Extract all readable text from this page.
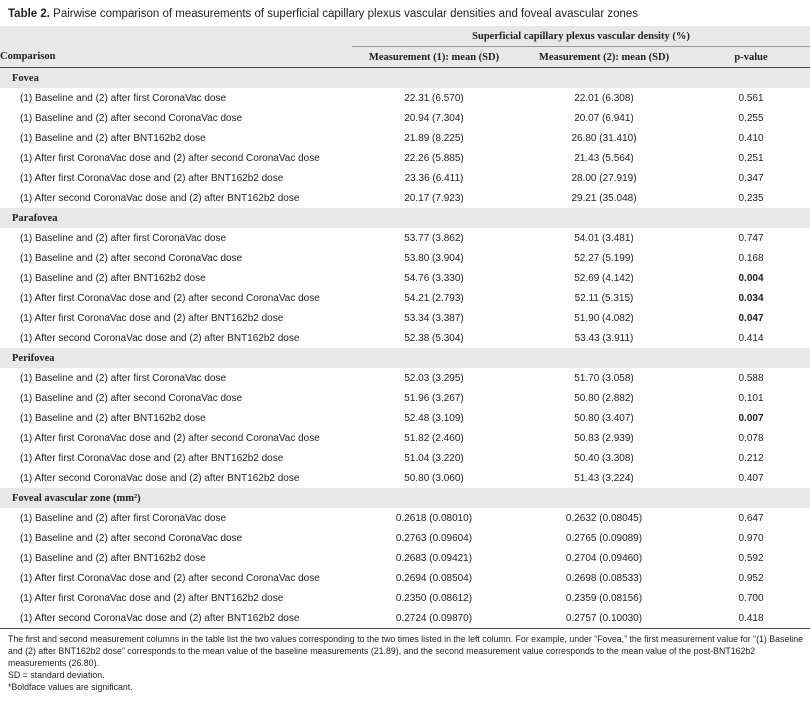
Table 2. Pairwise comparison of measurements of superficial capillary plexus vascular densities and foveal avascular zones
	Superficial capillary plexus vascular density (%)		
Comparison	Measurement (1): mean (SD)	Measurement (2): mean (SD)	p-value
Fovea			
(1) Baseline and (2) after first CoronaVac dose	22.31 (6.570)	22.01 (6.308)	0.561
(1) Baseline and (2) after second CoronaVac dose	20.94 (7.304)	20.07 (6.941)	0.255
(1) Baseline and (2) after BNT162b2 dose	21.89 (8.225)	26.80 (31.410)	0.410
(1) After first CoronaVac dose and (2) after second CoronaVac dose	22.26 (5.885)	21.43 (5.564)	0.251
(1) After first CoronaVac dose and (2) after BNT162b2 dose	23.36 (6.411)	28.00 (27.919)	0.347
(1) After second CoronaVac dose and (2) after BNT162b2 dose	20.17 (7.923)	29.21 (35.048)	0.235
Parafovea			
(1) Baseline and (2) after first CoronaVac dose	53.77 (3.862)	54.01 (3.481)	0.747
(1) Baseline and (2) after second CoronaVac dose	53.80 (3.904)	52.27 (5.199)	0.168
(1) Baseline and (2) after BNT162b2 dose	54.76 (3.330)	52.69 (4.142)	0.004
(1) After first CoronaVac dose and (2) after second CoronaVac dose	54.21 (2.793)	52.11 (5.315)	0.034
(1) After first CoronaVac dose and (2) after BNT162b2 dose	53.34 (3.387)	51.90 (4.082)	0.047
(1) After second CoronaVac dose and (2) after BNT162b2 dose	52.38 (5.304)	53.43 (3.911)	0.414
Perifovea			
(1) Baseline and (2) after first CoronaVac dose	52.03 (3.295)	51.70 (3.058)	0.588
(1) Baseline and (2) after second CoronaVac dose	51.96 (3.267)	50.80 (2.882)	0.101
(1) Baseline and (2) after BNT162b2 dose	52.48 (3.109)	50.80 (3.407)	0.007
(1) After first CoronaVac dose and (2) after second CoronaVac dose	51.82 (2.460)	50.83 (2.939)	0.078
(1) After first CoronaVac dose and (2) after BNT162b2 dose	51.04 (3.220)	50.40 (3.308)	0.212
(1) After second CoronaVac dose and (2) after BNT162b2 dose	50.80 (3.060)	51.43 (3.224)	0.407
Foveal avascular zone (mm²)			
(1) Baseline and (2) after first CoronaVac dose	0.2618 (0.08010)	0.2632 (0.08045)	0.647
(1) Baseline and (2) after second CoronaVac dose	0.2763 (0.09604)	0.2765 (0.09089)	0.970
(1) Baseline and (2) after BNT162b2 dose	0.2683 (0.09421)	0.2704 (0.09460)	0.592
(1) After first CoronaVac dose and (2) after second CoronaVac dose	0.2694 (0.08504)	0.2698 (0.08533)	0.952
(1) After first CoronaVac dose and (2) after BNT162b2 dose	0.2350 (0.08612)	0.2359 (0.08156)	0.700
(1) After second CoronaVac dose and (2) after BNT162b2 dose	0.2724 (0.09870)	0.2757 (0.10030)	0.418

The first and second measurement columns in the table list the two values corresponding to the two times listed in the left column. For example, under “Fovea,” the first measurement value for “(1) Baseline and (2) after BNT162b2 dose” corresponds to the mean value of the baseline measurements (21.89), and the second measurement value corresponds to the mean value of the post-BNT162b2 measurements (26.80).

SD = standard deviation.

*Boldface values are significant.
